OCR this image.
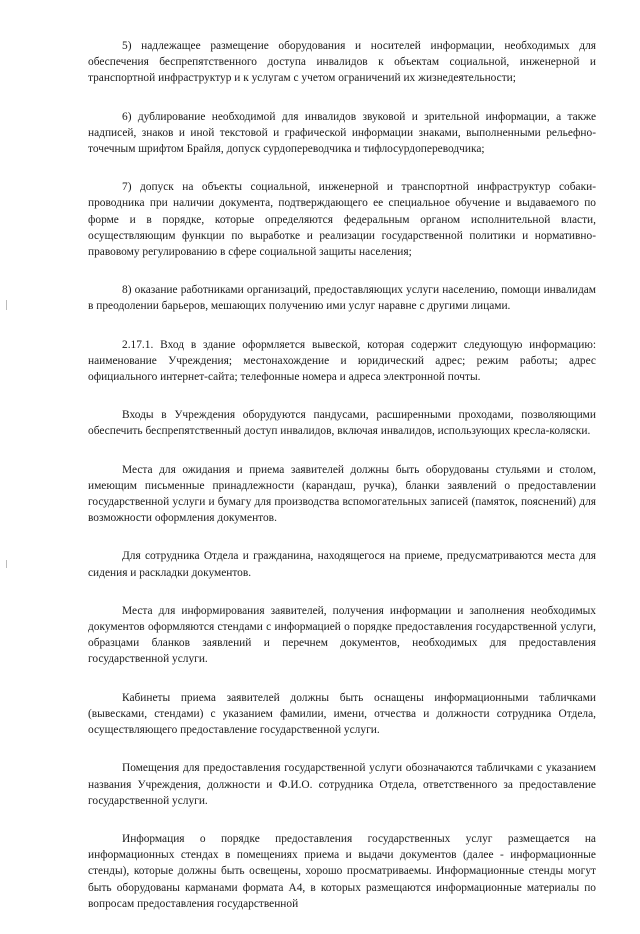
5) надлежащее размещение оборудования и носителей информации, необходимых для обеспечения беспрепятственного доступа инвалидов к объектам социальной, инженерной и транспортной инфраструктур и к услугам с учетом ограничений их жизнедеятельности;

6) дублирование необходимой для инвалидов звуковой и зрительной информации, а также надписей, знаков и иной текстовой и графической информации знаками, выполненными рельефно-точечным шрифтом Брайля, допуск сурдопереводчика и тифлосурдопереводчика;

7) допуск на объекты социальной, инженерной и транспортной инфраструктур собаки-проводника при наличии документа, подтверждающего ее специальное обучение и выдаваемого по форме и в порядке, которые определяются федеральным органом исполнительной власти, осуществляющим функции по выработке и реализации государственной политики и нормативно-правовому регулированию в сфере социальной защиты населения;

8) оказание работниками организаций, предоставляющих услуги населению, помощи инвалидам в преодолении барьеров, мешающих получению ими услуг наравне с другими лицами.

2.17.1. Вход в здание оформляется вывеской, которая содержит следующую информацию: наименование Учреждения; местонахождение и юридический адрес; режим работы; адрес официального интернет-сайта; телефонные номера и адреса электронной почты.

Входы в Учреждения оборудуются пандусами, расширенными проходами, позволяющими обеспечить беспрепятственный доступ инвалидов, включая инвалидов, использующих кресла-коляски.

Места для ожидания и приема заявителей должны быть оборудованы стульями и столом, имеющим письменные принадлежности (карандаш, ручка), бланки заявлений о предоставлении государственной услуги и бумагу для производства вспомогательных записей (памяток, пояснений) для возможности оформления документов.

Для сотрудника Отдела и гражданина, находящегося на приеме, предусматриваются места для сидения и раскладки документов.

Места для информирования заявителей, получения информации и заполнения необходимых документов оформляются стендами с информацией о порядке предоставления государственной услуги, образцами бланков заявлений и перечнем документов, необходимых для предоставления государственной услуги.

Кабинеты приема заявителей должны быть оснащены информационными табличками (вывесками, стендами) с указанием фамилии, имени, отчества и должности сотрудника Отдела, осуществляющего предоставление государственной услуги.

Помещения для предоставления государственной услуги обозначаются табличками с указанием названия Учреждения, должности и Ф.И.О. сотрудника Отдела, ответственного за предоставление государственной услуги.

Информация о порядке предоставления государственных услуг размещается на информационных стендах в помещениях приема и выдачи документов (далее - информационные стенды), которые должны быть освещены, хорошо просматриваемы. Информационные стенды могут быть оборудованы карманами формата А4, в которых размещаются информационные материалы по вопросам предоставления государственной
